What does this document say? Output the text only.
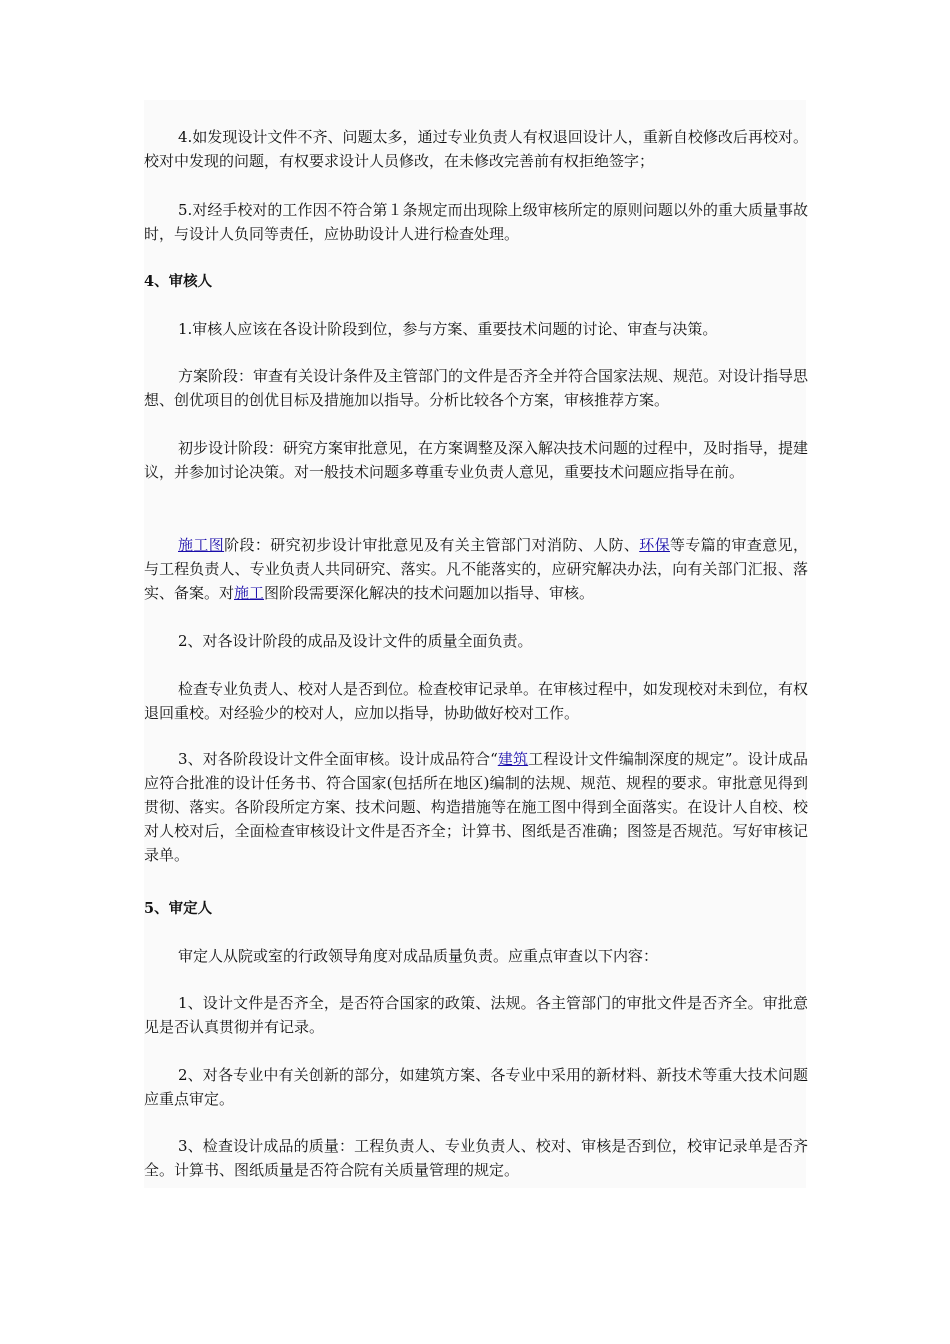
4.如发现设计文件不齐、问题太多，通过专业负责人有权退回设计人，重新自校修改后再校对。校对中发现的问题，有权要求设计人员修改，在未修改完善前有权拒绝签字；

5.对经手校对的工作因不符合第１条规定而出现除上级审核所定的原则问题以外的重大质量事故时，与设计人负同等责任，应协助设计人进行检查处理。

4、审核人

1.审核人应该在各设计阶段到位，参与方案、重要技术问题的讨论、审查与决策。

方案阶段：审查有关设计条件及主管部门的文件是否齐全并符合国家法规、规范。对设计指导思想、创优项目的创优目标及措施加以指导。分析比较各个方案，审核推荐方案。

初步设计阶段：研究方案审批意见，在方案调整及深入解决技术问题的过程中，及时指导，提建议，并参加讨论决策。对一般技术问题多尊重专业负责人意见，重要技术问题应指导在前。

施工图阶段：研究初步设计审批意见及有关主管部门对消防、人防、环保等专篇的审查意见，与工程负责人、专业负责人共同研究、落实。凡不能落实的，应研究解决办法，向有关部门汇报、落实、备案。对施工图阶段需要深化解决的技术问题加以指导、审核。

2、对各设计阶段的成品及设计文件的质量全面负责。

检查专业负责人、校对人是否到位。检查校审记录单。在审核过程中，如发现校对未到位，有权退回重校。对经验少的校对人，应加以指导，协助做好校对工作。

3、对各阶段设计文件全面审核。设计成品符合“建筑工程设计文件编制深度的规定”。设计成品应符合批准的设计任务书、符合国家(包括所在地区)编制的法规、规范、规程的要求。审批意见得到贯彻、落实。各阶段所定方案、技术问题、构造措施等在施工图中得到全面落实。在设计人自校、校对人校对后，全面检查审核设计文件是否齐全；计算书、图纸是否准确；图签是否规范。写好审核记录单。

5、审定人

审定人从院或室的行政领导角度对成品质量负责。应重点审查以下内容：

1、设计文件是否齐全，是否符合国家的政策、法规。各主管部门的审批文件是否齐全。审批意见是否认真贯彻并有记录。

2、对各专业中有关创新的部分，如建筑方案、各专业中采用的新材料、新技术等重大技术问题应重点审定。

3、检查设计成品的质量：工程负责人、专业负责人、校对、审核是否到位，校审记录单是否齐全。计算书、图纸质量是否符合院有关质量管理的规定。
